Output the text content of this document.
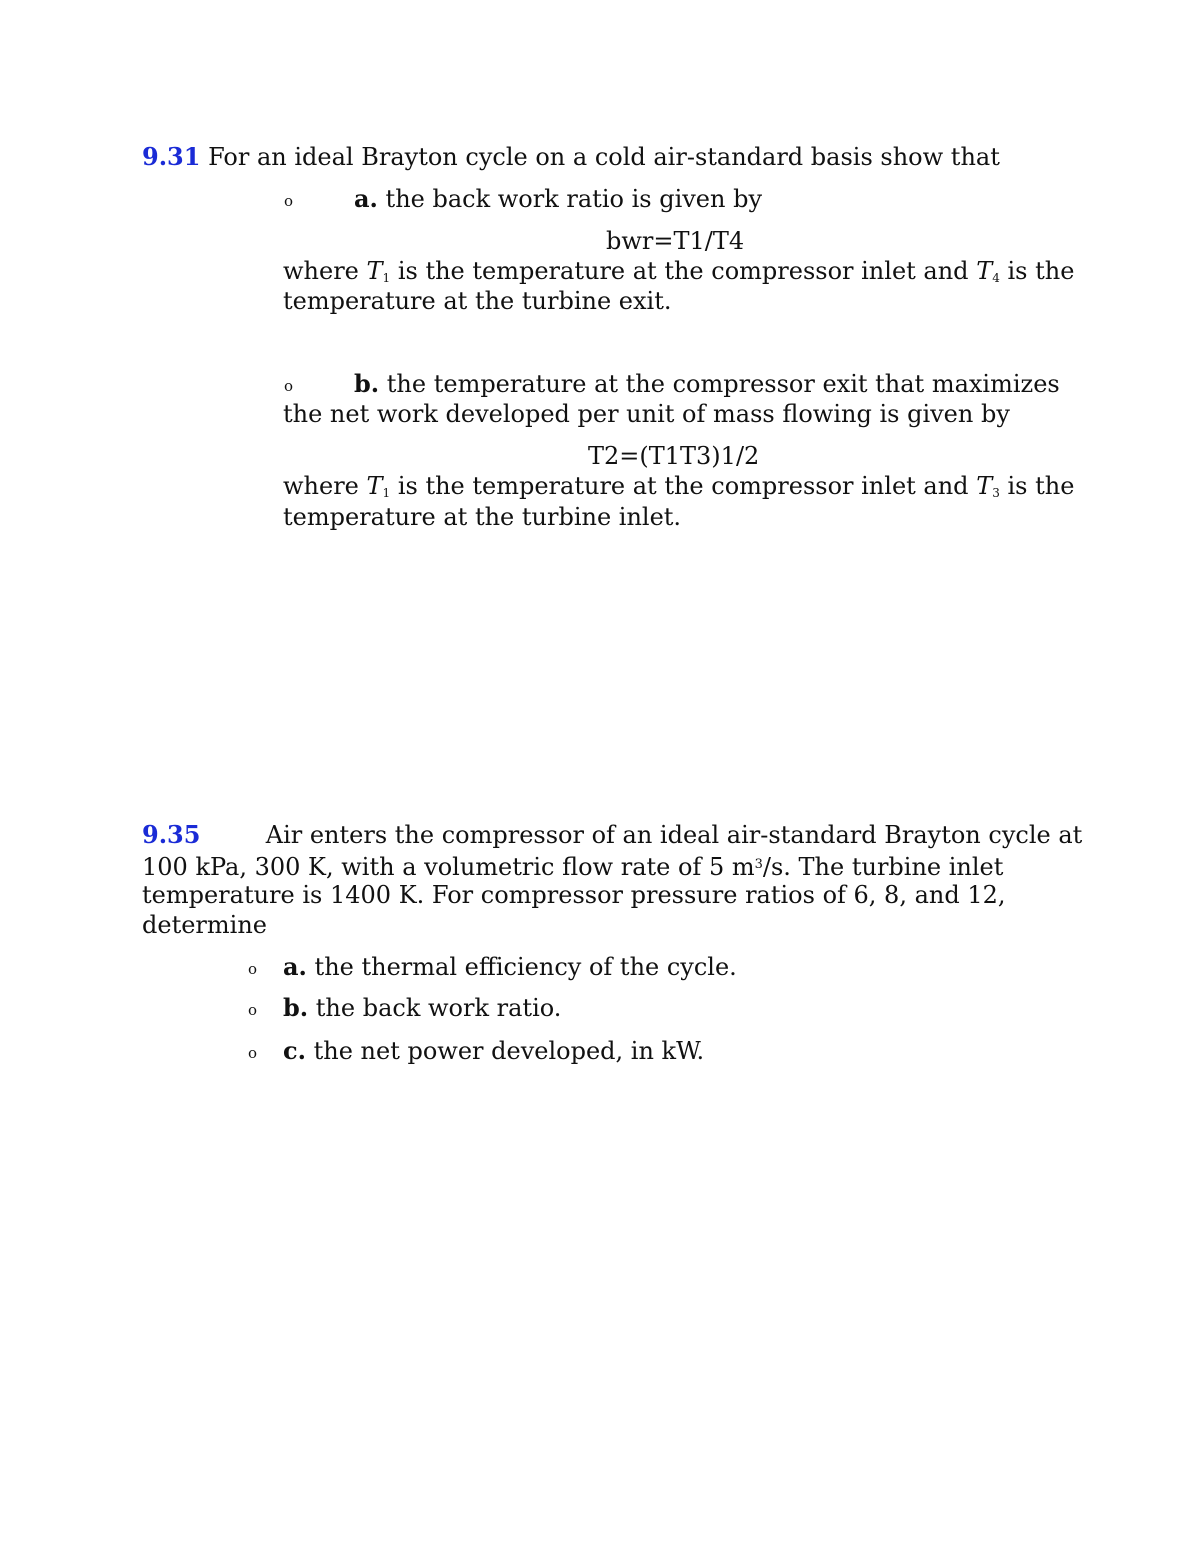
9.31 For an ideal Brayton cycle on a cold air-standard basis show that
o	a. the back work ratio is given by
bwr=T1/T4
where $T_1$ is the temperature at the compressor inlet and $T_4$ is the
temperature at the turbine exit.
o	b. the temperature at the compressor exit that maximizes
the net work developed per unit of mass flowing is given by
T2=(T1T3)1/2
where $T_1$ is the temperature at the compressor inlet and $T_3$ is the
temperature at the turbine inlet.
9.35	Air enters the compressor of an ideal air-standard Brayton cycle at
100 kPa, 300 K, with a volumetric flow rate of 5 $m^3/s$. The turbine inlet
temperature is 1400 K. For compressor pressure ratios of 6, 8, and 12,
determine
o a. the thermal efficiency of the cycle.
o b. the back work ratio.
o c. the net power developed, in kW.
